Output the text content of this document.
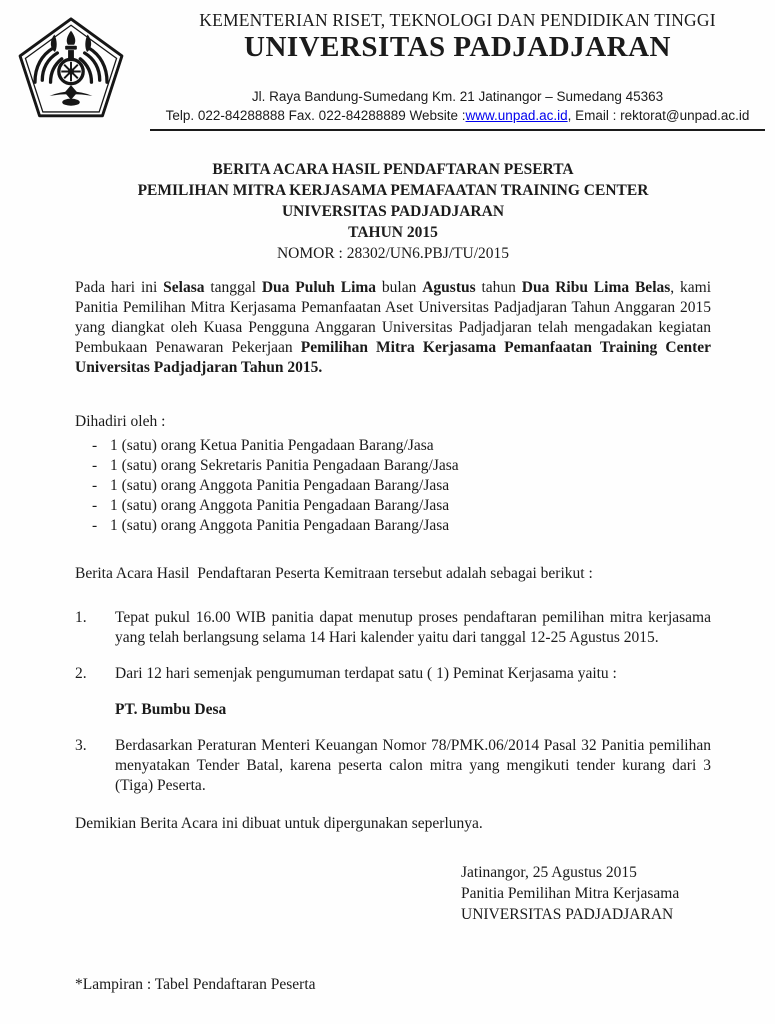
KEMENTERIAN RISET, TEKNOLOGI DAN PENDIDIKAN TINGGI
UNIVERSITAS PADJADJARAN
Jl. Raya Bandung-Sumedang Km. 21 Jatinangor – Sumedang 45363
Telp. 022-84288888 Fax. 022-84288889 Website :www.unpad.ac.id, Email : rektorat@unpad.ac.id
BERITA ACARA HASIL PENDAFTARAN PESERTA
PEMILIHAN MITRA KERJASAMA PEMAFAATAN TRAINING CENTER
UNIVERSITAS PADJADJARAN
TAHUN 2015
NOMOR : 28302/UN6.PBJ/TU/2015

Pada hari ini Selasa tanggal Dua Puluh Lima bulan Agustus tahun Dua Ribu Lima Belas, kami Panitia Pemilihan Mitra Kerjasama Pemanfaatan Aset Universitas Padjadjaran Tahun Anggaran 2015 yang diangkat oleh Kuasa Pengguna Anggaran Universitas Padjadjaran telah mengadakan kegiatan Pembukaan Penawaran Pekerjaan Pemilihan Mitra Kerjasama Pemanfaatan Training Center Universitas Padjadjaran Tahun 2015.

Dihadiri oleh :
- 1 (satu) orang Ketua Panitia Pengadaan Barang/Jasa
- 1 (satu) orang Sekretaris Panitia Pengadaan Barang/Jasa
- 1 (satu) orang Anggota Panitia Pengadaan Barang/Jasa
- 1 (satu) orang Anggota Panitia Pengadaan Barang/Jasa
- 1 (satu) orang Anggota Panitia Pengadaan Barang/Jasa
Berita Acara Hasil  Pendaftaran Peserta Kemitraan tersebut adalah sebagai berikut :
1.	Tepat pukul 16.00 WIB panitia dapat menutup proses pendaftaran pemilihan mitra kerjasama yang telah berlangsung selama 14 Hari kalender yaitu dari tanggal 12-25 Agustus 2015.
2.	Dari 12 hari semenjak pengumuman terdapat satu ( 1) Peminat Kerjasama yaitu :
PT. Bumbu Desa
3.	Berdasarkan Peraturan Menteri Keuangan Nomor 78/PMK.06/2014 Pasal 32 Panitia pemilihan menyatakan Tender Batal, karena peserta calon mitra yang mengikuti tender kurang dari 3 (Tiga) Peserta.
Demikian Berita Acara ini dibuat untuk dipergunakan seperlunya.
Jatinangor, 25 Agustus 2015
Panitia Pemilihan Mitra Kerjasama
UNIVERSITAS PADJADJARAN
*Lampiran : Tabel Pendaftaran Peserta
